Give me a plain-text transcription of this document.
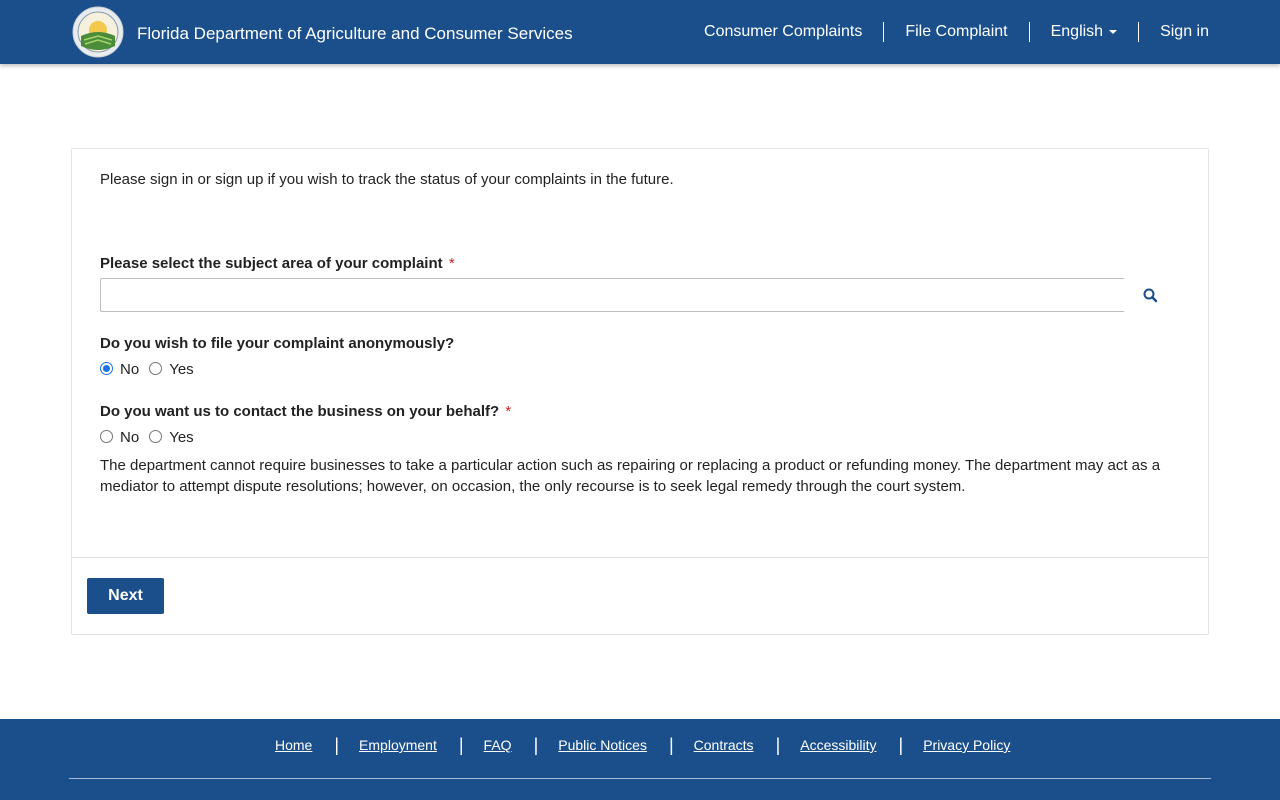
Florida Department of Agriculture and Consumer Services	Consumer Complaints	File Complaint	English	Sign in
Please sign in or sign up if you wish to track the status of your complaints in the future.
Please select the subject area of your complaint *
Do you wish to file your complaint anonymously?
No Yes
Do you want us to contact the business on your behalf? *
No Yes
The department cannot require businesses to take a particular action such as repairing or replacing a product or refunding money. The department may act as a mediator to attempt dispute resolutions; however, on occasion, the only recourse is to seek legal remedy through the court system.
Next
Home | Employment | FAQ | Public Notices | Contracts | Accessibility | Privacy Policy
